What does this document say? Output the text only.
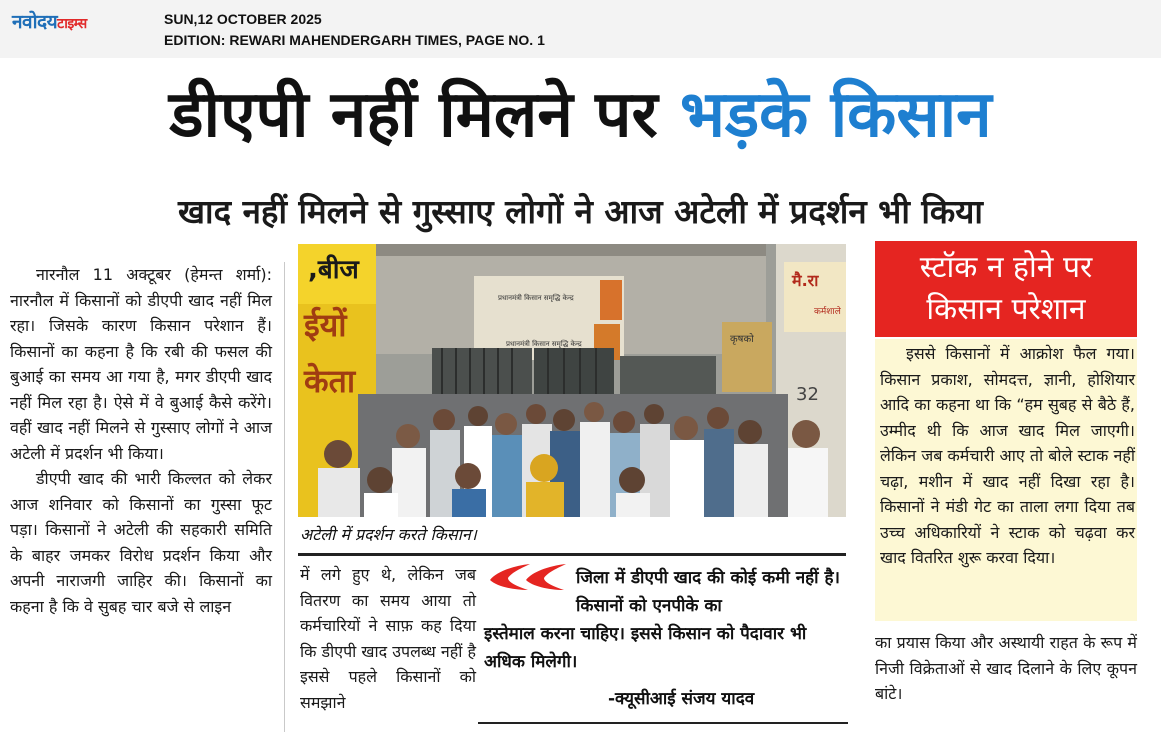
नवोदयटाइम्स	SUN,12 OCTOBER 2025
EDITION: REWARI MAHENDERGARH TIMES, PAGE NO. 1
डीएपी नहीं मिलने पर भड़के किसान
खाद नहीं मिलने से गुस्साए लोगों ने आज अटेली में प्रदर्शन भी किया

नारनौल 11 अक्टूबर (हेमन्त शर्मा): नारनौल में किसानों को डीएपी खाद नहीं मिल रहा। जिसके कारण किसान परेशान हैं। किसानों का कहना है कि रबी की फसल की बुआई का समय आ गया है, मगर डीएपी खाद नहीं मिल रहा है। ऐसे में वे बुआई कैसे करेंगे। वहीं खाद नहीं मिलने से गुस्साए लोगों ने आज अटेली में प्रदर्शन भी किया।

डीएपी खाद की भारी किल्लत को लेकर आज शनिवार को किसानों का गुस्सा फूट पड़ा। किसानों ने अटेली की सहकारी समिति के बाहर जमकर विरोध प्रदर्शन किया और अपनी नाराजगी जाहिर की। किसानों का कहना है कि वे सुबह चार बजे से लाइन

,बीज
ईयों
केता
प्रधानमंत्री किसान समृद्धि केन्द्र
प्रधानमंत्री किसान समृद्धि केन्द्र	कृषको
मै.रा
कर्मशाले
32
अटेली में प्रदर्शन करते किसान।

में लगे हुए थे, लेकिन जब वितरण का समय आया तो कर्मचारियों ने साफ़ कह दिया कि डीएपी खाद उपलब्ध नहीं है इससे पहले किसानों को समझाने

जिला में डीएपी खाद की कोई कमी नहीं है। किसानों को एनपीके का
इस्तेमाल करना चाहिए। इससे किसान को पैदावार भी अधिक मिलेगी।
-क्यूसीआई संजय यादव
स्टॉक न होने पर
किसान परेशान

इससे किसानों में आक्रोश फैल गया। किसान प्रकाश, सोमदत्त, ज्ञानी, होशियार आदि का कहना था कि “हम सुबह से बैठे हैं, उम्मीद थी कि आज खाद मिल जाएगी। लेकिन जब कर्मचारी आए तो बोले स्टाक नहीं चढ़ा, मशीन में खाद नहीं दिखा रहा है। किसानों ने मंडी गेट का ताला लगा दिया तब उच्च अधिकारियों ने स्टाक को चढ़वा कर खाद वितरित शुरू करवा दिया।

का प्रयास किया और अस्थायी राहत के रूप में निजी विक्रेताओं से खाद दिलाने के लिए कूपन बांटे।
